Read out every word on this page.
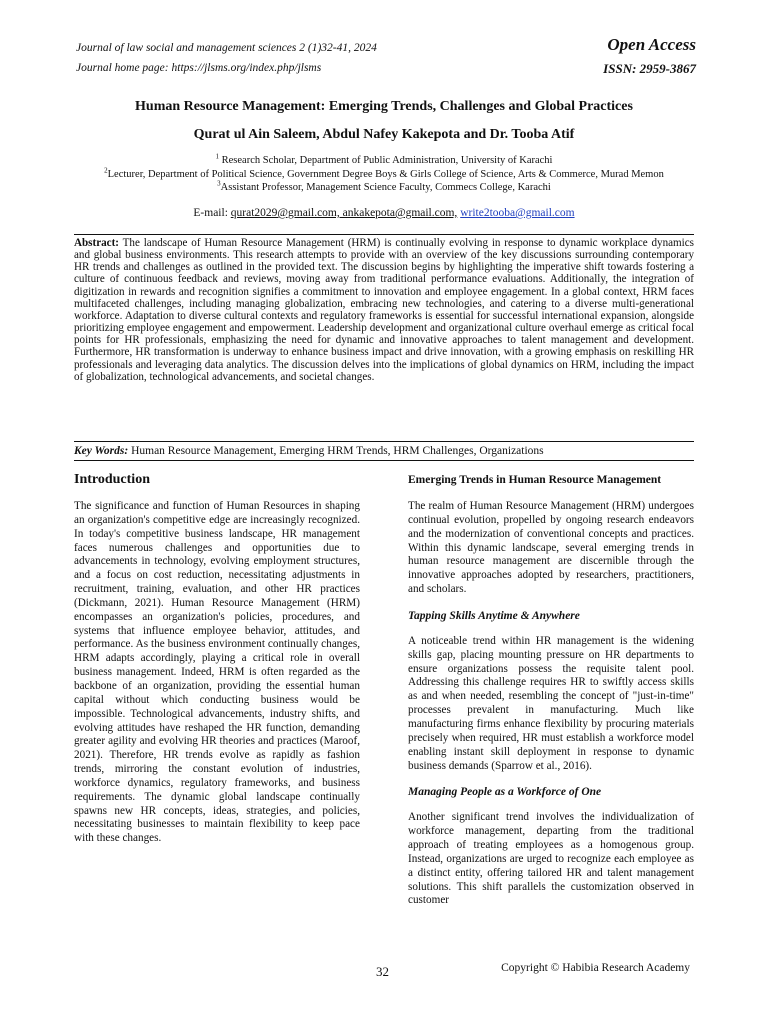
Journal of law social and management sciences 2 (1)32-41, 2024
Journal home page: https://jlsms.org/index.php/jlsms
Open Access
ISSN: 2959-3867
Human Resource Management: Emerging Trends, Challenges and Global Practices
Qurat ul Ain Saleem, Abdul Nafey Kakepota and Dr. Tooba Atif
$^1$ Research Scholar, Department of Public Administration, University of Karachi
$^2$Lecturer, Department of Political Science, Government Degree Boys & Girls College of Science, Arts & Commerce, Murad Memon
$^3$Assistant Professor, Management Science Faculty, Commecs College, Karachi
E-mail: qurat2029@gmail.com, ankakepota@gmail.com, write2tooba@gmail.com
Abstract: The landscape of Human Resource Management (HRM) is continually evolving in response to dynamic workplace dynamics and global business environments. This research attempts to provide with an overview of the key discussions surrounding contemporary HR trends and challenges as outlined in the provided text. The discussion begins by highlighting the imperative shift towards fostering a culture of continuous feedback and reviews, moving away from traditional performance evaluations. Additionally, the integration of digitization in rewards and recognition signifies a commitment to innovation and employee engagement. In a global context, HRM faces multifaceted challenges, including managing globalization, embracing new technologies, and catering to a diverse multi-generational workforce. Adaptation to diverse cultural contexts and regulatory frameworks is essential for successful international expansion, alongside prioritizing employee engagement and empowerment. Leadership development and organizational culture overhaul emerge as critical focal points for HR professionals, emphasizing the need for dynamic and innovative approaches to talent management and development. Furthermore, HR transformation is underway to enhance business impact and drive innovation, with a growing emphasis on reskilling HR professionals and leveraging data analytics. The discussion delves into the implications of global dynamics on HRM, including the impact of globalization, technological advancements, and societal changes.
Key Words: Human Resource Management, Emerging HRM Trends, HRM Challenges, Organizations
Introduction

The significance and function of Human Resources in shaping an organization's competitive edge are increasingly recognized. In today's competitive business landscape, HR management faces numerous challenges and opportunities due to advancements in technology, evolving employment structures, and a focus on cost reduction, necessitating adjustments in recruitment, training, evaluation, and other HR practices (Dickmann, 2021). Human Resource Management (HRM) encompasses an organization's policies, procedures, and systems that influence employee behavior, attitudes, and performance. As the business environment continually changes, HRM adapts accordingly, playing a critical role in overall business management. Indeed, HRM is often regarded as the backbone of an organization, providing the essential human capital without which conducting business would be impossible. Technological advancements, industry shifts, and evolving attitudes have reshaped the HR function, demanding greater agility and evolving HR theories and practices (Maroof, 2021). Therefore, HR trends evolve as rapidly as fashion trends, mirroring the constant evolution of industries, workforce dynamics, regulatory frameworks, and business requirements. The dynamic global landscape continually spawns new HR concepts, ideas, strategies, and policies, necessitating businesses to maintain flexibility to keep pace with these changes.

Emerging Trends in Human Resource Management

The realm of Human Resource Management (HRM) undergoes continual evolution, propelled by ongoing research endeavors and the modernization of conventional concepts and practices. Within this dynamic landscape, several emerging trends in human resource management are discernible through the innovative approaches adopted by researchers, practitioners, and scholars.

Tapping Skills Anytime & Anywhere

A noticeable trend within HR management is the widening skills gap, placing mounting pressure on HR departments to ensure organizations possess the requisite talent pool. Addressing this challenge requires HR to swiftly access skills as and when needed, resembling the concept of "just-in-time" processes prevalent in manufacturing. Much like manufacturing firms enhance flexibility by procuring materials precisely when required, HR must establish a workforce model enabling instant skill deployment in response to dynamic business demands (Sparrow et al., 2016).

Managing People as a Workforce of One

Another significant trend involves the individualization of workforce management, departing from the traditional approach of treating employees as a homogenous group. Instead, organizations are urged to recognize each employee as a distinct entity, offering tailored HR and talent management solutions. This shift parallels the customization observed in customer

32	Copyright © Habibia Research Academy
